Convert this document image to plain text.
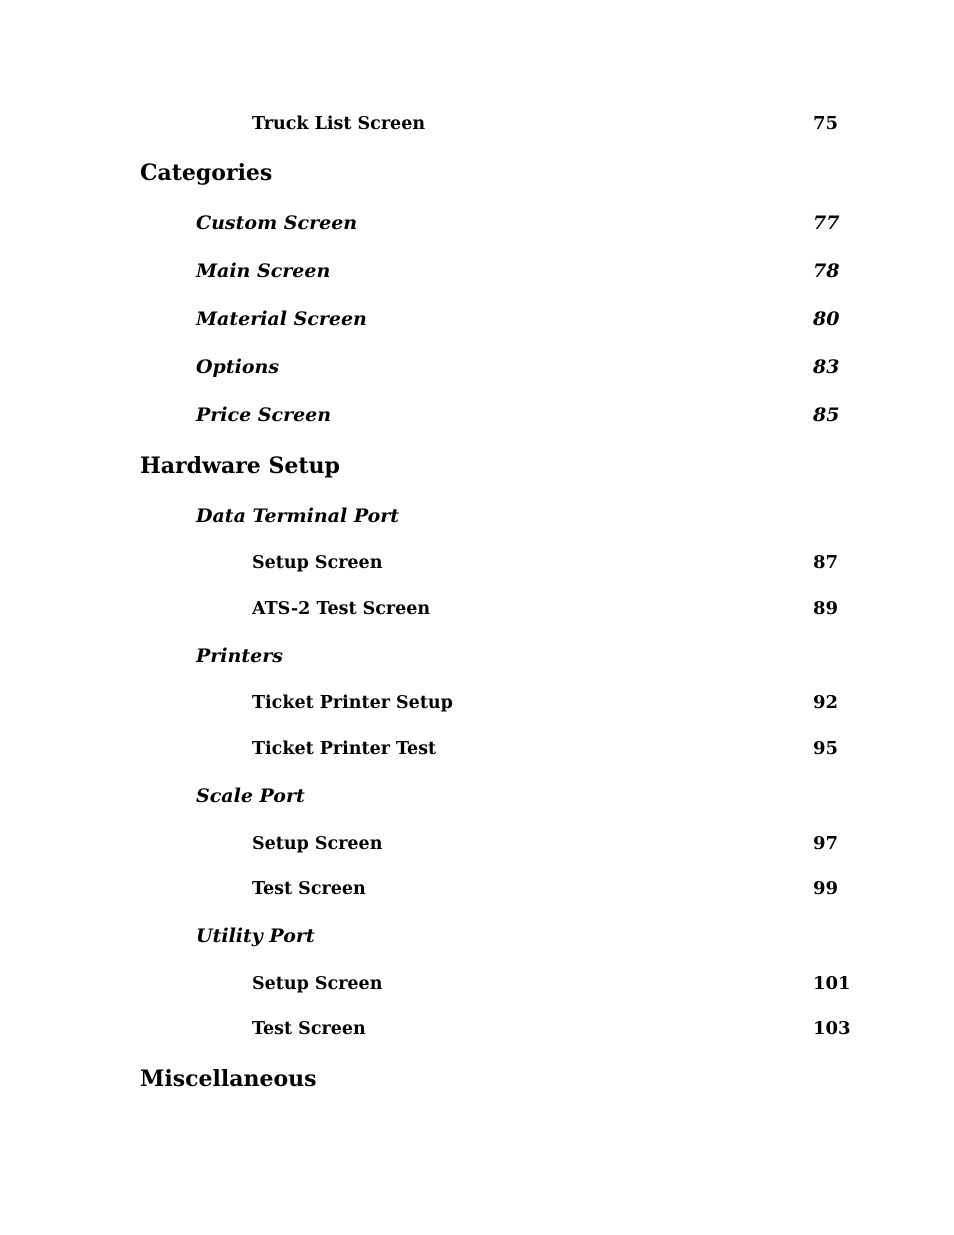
Truck List Screen	75
Categories
Custom Screen	77
Main Screen	78
Material Screen	80
Options	83
Price Screen	85
Hardware Setup
Data Terminal Port
Setup Screen	87
ATS-2 Test Screen	89
Printers
Ticket Printer Setup	92
Ticket Printer Test	95
Scale Port
Setup Screen	97
Test Screen	99
Utility Port
Setup Screen	101
Test Screen	103
Miscellaneous
